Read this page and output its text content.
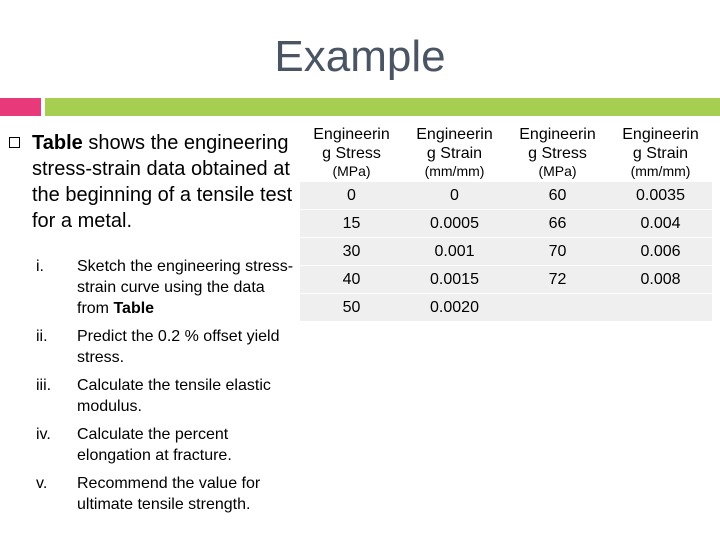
Example
Table shows the engineering stress-strain data obtained at the beginning of a tensile test for a metal.
i. Sketch the engineering stress-strain curve using the data from Table
ii. Predict the 0.2 % offset yield stress.
iii. Calculate the tensile elastic modulus.
iv. Calculate the percent elongation at fracture.
v. Recommend the value for ultimate tensile strength.
Engineerin
g Stress
(MPa)	Engineerin
g Strain
(mm/mm)	Engineerin
g Stress
(MPa)	Engineerin
g Strain
(mm/mm)

0	0	60	0.0035
15	0.0005	66	0.004
30	0.001	70	0.006
40	0.0015	72	0.008
50	0.0020		
